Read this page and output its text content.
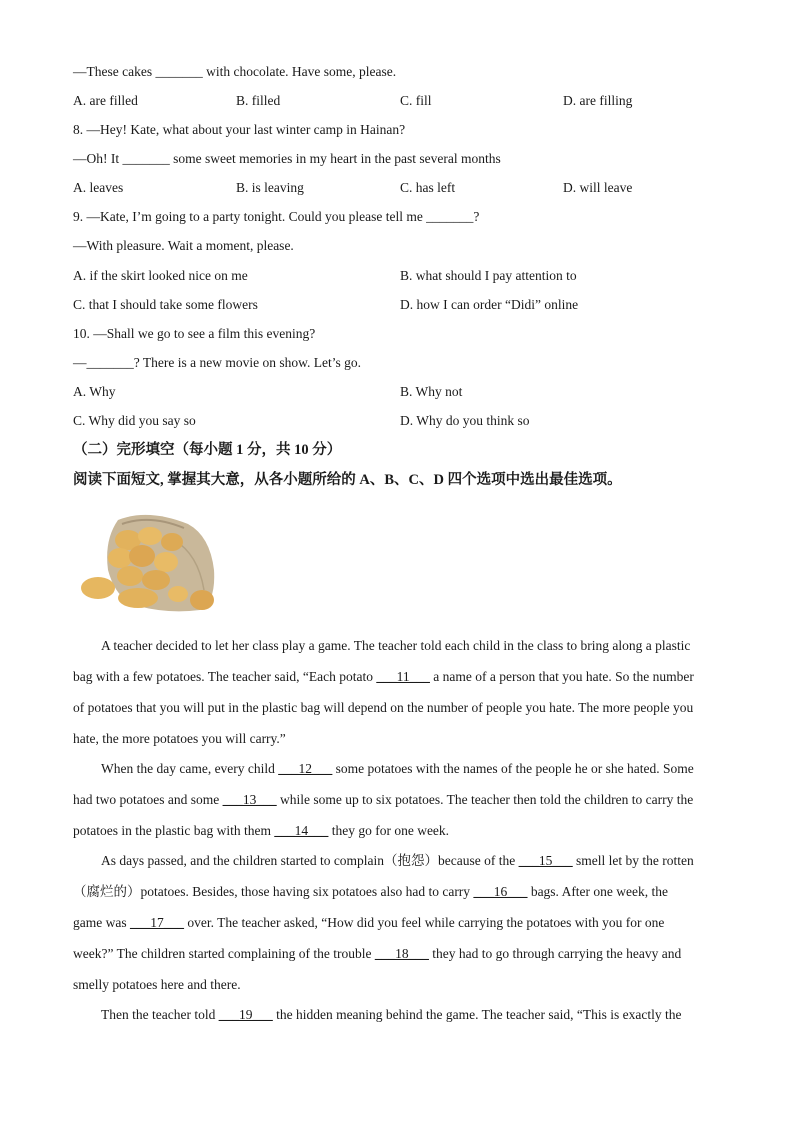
—These cakes _______ with chocolate. Have some, please.
A. are filled	B. filled	C. fill	D. are filling
8. —Hey! Kate, what about your last winter camp in Hainan?
—Oh! It _______ some sweet memories in my heart in the past several months
A. leaves	B. is leaving	C. has left	D. will leave
9. —Kate, I’m going to a party tonight. Could you please tell me _______?
—With pleasure. Wait a moment, please.
A. if the skirt looked nice on me	B. what should I pay attention to
C. that I should take some flowers	D. how I can order “Didi” online
10. —Shall we go to see a film this evening?
—_______? There is a new movie on show. Let’s go.
A. Why	B. Why not
C. Why did you say so	D. Why do you think so
（二）完形填空（每小题 1 分，共 10 分）
阅读下面短文, 掌握其大意，从各小题所给的 A、B、C、D 四个选项中选出最佳选项。
A teacher decided to let her class play a game. The teacher told each child in the class to bring along a plastic
bag with a few potatoes. The teacher said, “Each potato ___11___ a name of a person that you hate. So the number
of potatoes that you will put in the plastic bag will depend on the number of people you hate. The more people you
hate, the more potatoes you will carry.”
When the day came, every child ___12___ some potatoes with the names of the people he or she hated. Some
had two potatoes and some ___13___ while some up to six potatoes. The teacher then told the children to carry the
potatoes in the plastic bag with them ___14___ they go for one week.
As days passed, and the children started to complain（抱怨）because of the ___15___ smell let by the rotten
（腐烂的）potatoes. Besides, those having six potatoes also had to carry ___16___ bags. After one week, the
game was ___17___ over. The teacher asked, “How did you feel while carrying the potatoes with you for one
week?” The children started complaining of the trouble ___18___ they had to go through carrying the heavy and
smelly potatoes here and there.
Then the teacher told ___19___ the hidden meaning behind the game. The teacher said, “This is exactly the
